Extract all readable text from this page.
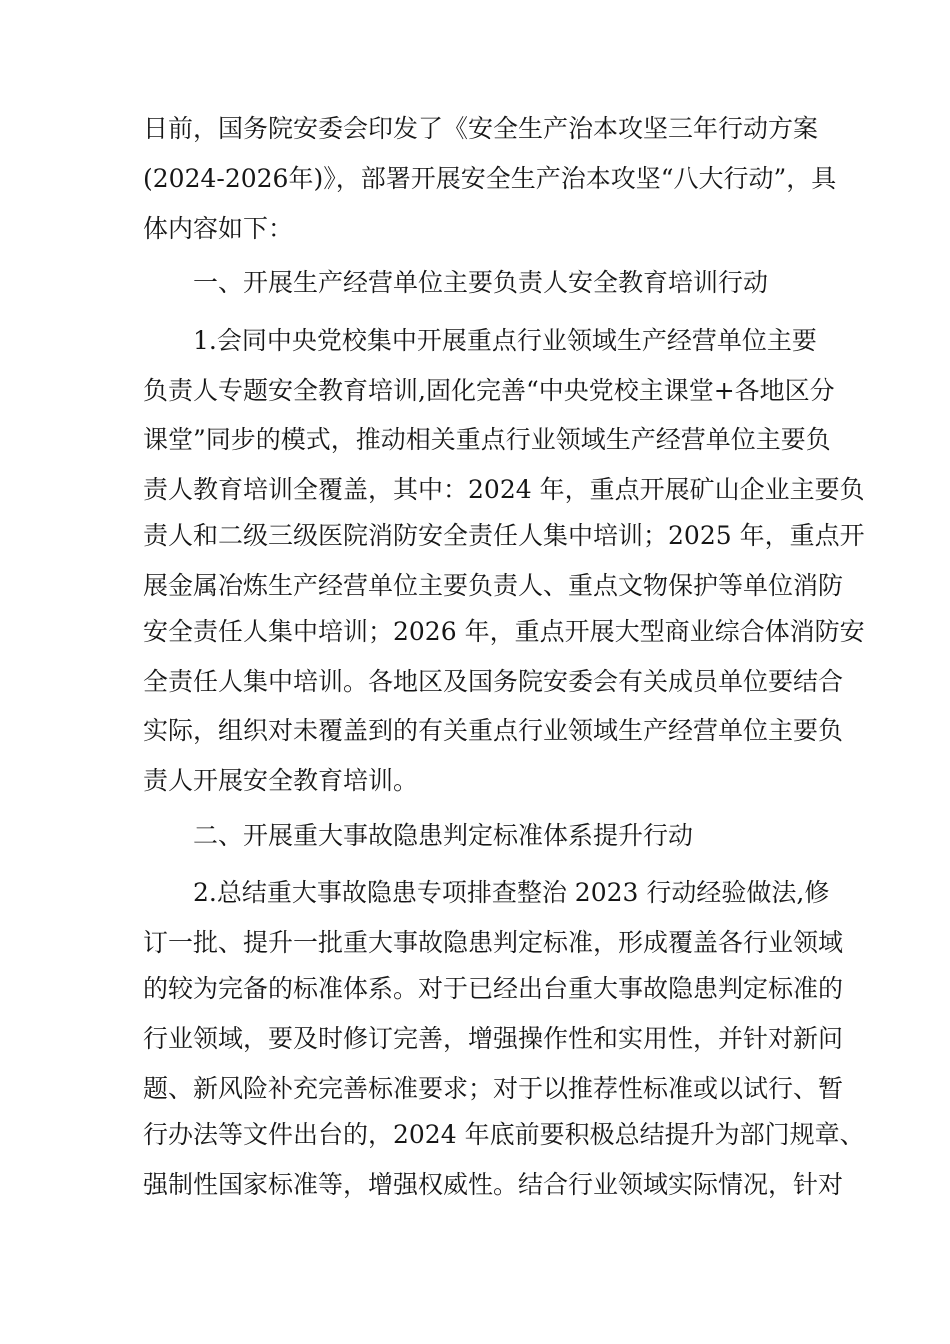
日前，国务院安委会印发了《安全生产治本攻坚三年行动方案

(2024-2026年)》，部署开展安全生产治本攻坚“八大行动”，具

体内容如下：

一、开展生产经营单位主要负责人安全教育培训行动

1.会同中央党校集中开展重点行业领域生产经营单位主要

负责人专题安全教育培训,固化完善“中央党校主课堂+各地区分

课堂”同步的模式，推动相关重点行业领域生产经营单位主要负

责人教育培训全覆盖，其中：2024 年，重点开展矿山企业主要负

责人和二级三级医院消防安全责任人集中培训；2025 年，重点开

展金属冶炼生产经营单位主要负责人、重点文物保护等单位消防

安全责任人集中培训；2026 年，重点开展大型商业综合体消防安

全责任人集中培训。各地区及国务院安委会有关成员单位要结合

实际，组织对未覆盖到的有关重点行业领域生产经营单位主要负

责人开展安全教育培训。

二、开展重大事故隐患判定标准体系提升行动

2.总结重大事故隐患专项排查整治 2023 行动经验做法,修

订一批、提升一批重大事故隐患判定标准，形成覆盖各行业领域

的较为完备的标准体系。对于已经出台重大事故隐患判定标准的

行业领域，要及时修订完善，增强操作性和实用性，并针对新问

题、新风险补充完善标准要求；对于以推荐性标准或以试行、暂

行办法等文件出台的，2024 年底前要积极总结提升为部门规章、

强制性国家标准等，增强权威性。结合行业领域实际情况，针对
